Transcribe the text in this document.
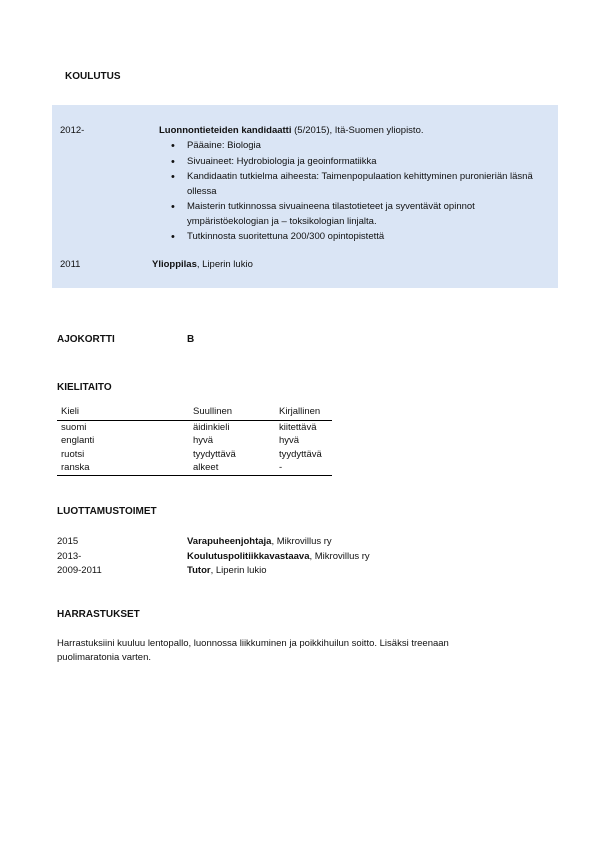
KOULUTUS
2012-	Luonnontieteiden kandidaatti (5/2015), Itä-Suomen yliopisto.
• Pääaine: Biologia
• Sivuaineet: Hydrobiologia ja geoinformatiikka
• Kandidaatin tutkielma aiheesta: Taimenpopulaation kehittyminen puronieriän läsnä ollessa
• Maisterin tutkinnossa sivuaineena tilastotieteet ja syventävät opinnot ympäristöekologian ja – toksikologian linjalta.
• Tutkinnosta suoritettuna 200/300 opintopistettä
2011	Ylioppilas, Liperin lukio
AJOKORTTI	B
KIELITAITO
Kieli	Suullinen	Kirjallinen
suomi	äidinkieli	kiitettävä
englanti	hyvä	hyvä
ruotsi	tyydyttävä	tyydyttävä
ranska	alkeet	-
LUOTTAMUSTOIMET
2015	Varapuheenjohtaja, Mikrovillus ry
2013-	Koulutuspolitiikkavastaava, Mikrovillus ry
2009-2011	Tutor, Liperin lukio
HARRASTUKSET
Harrastuksiini kuuluu lentopallo, luonnossa liikkuminen ja poikkihuilun soitto. Lisäksi treenaan puolimaratonia varten.
